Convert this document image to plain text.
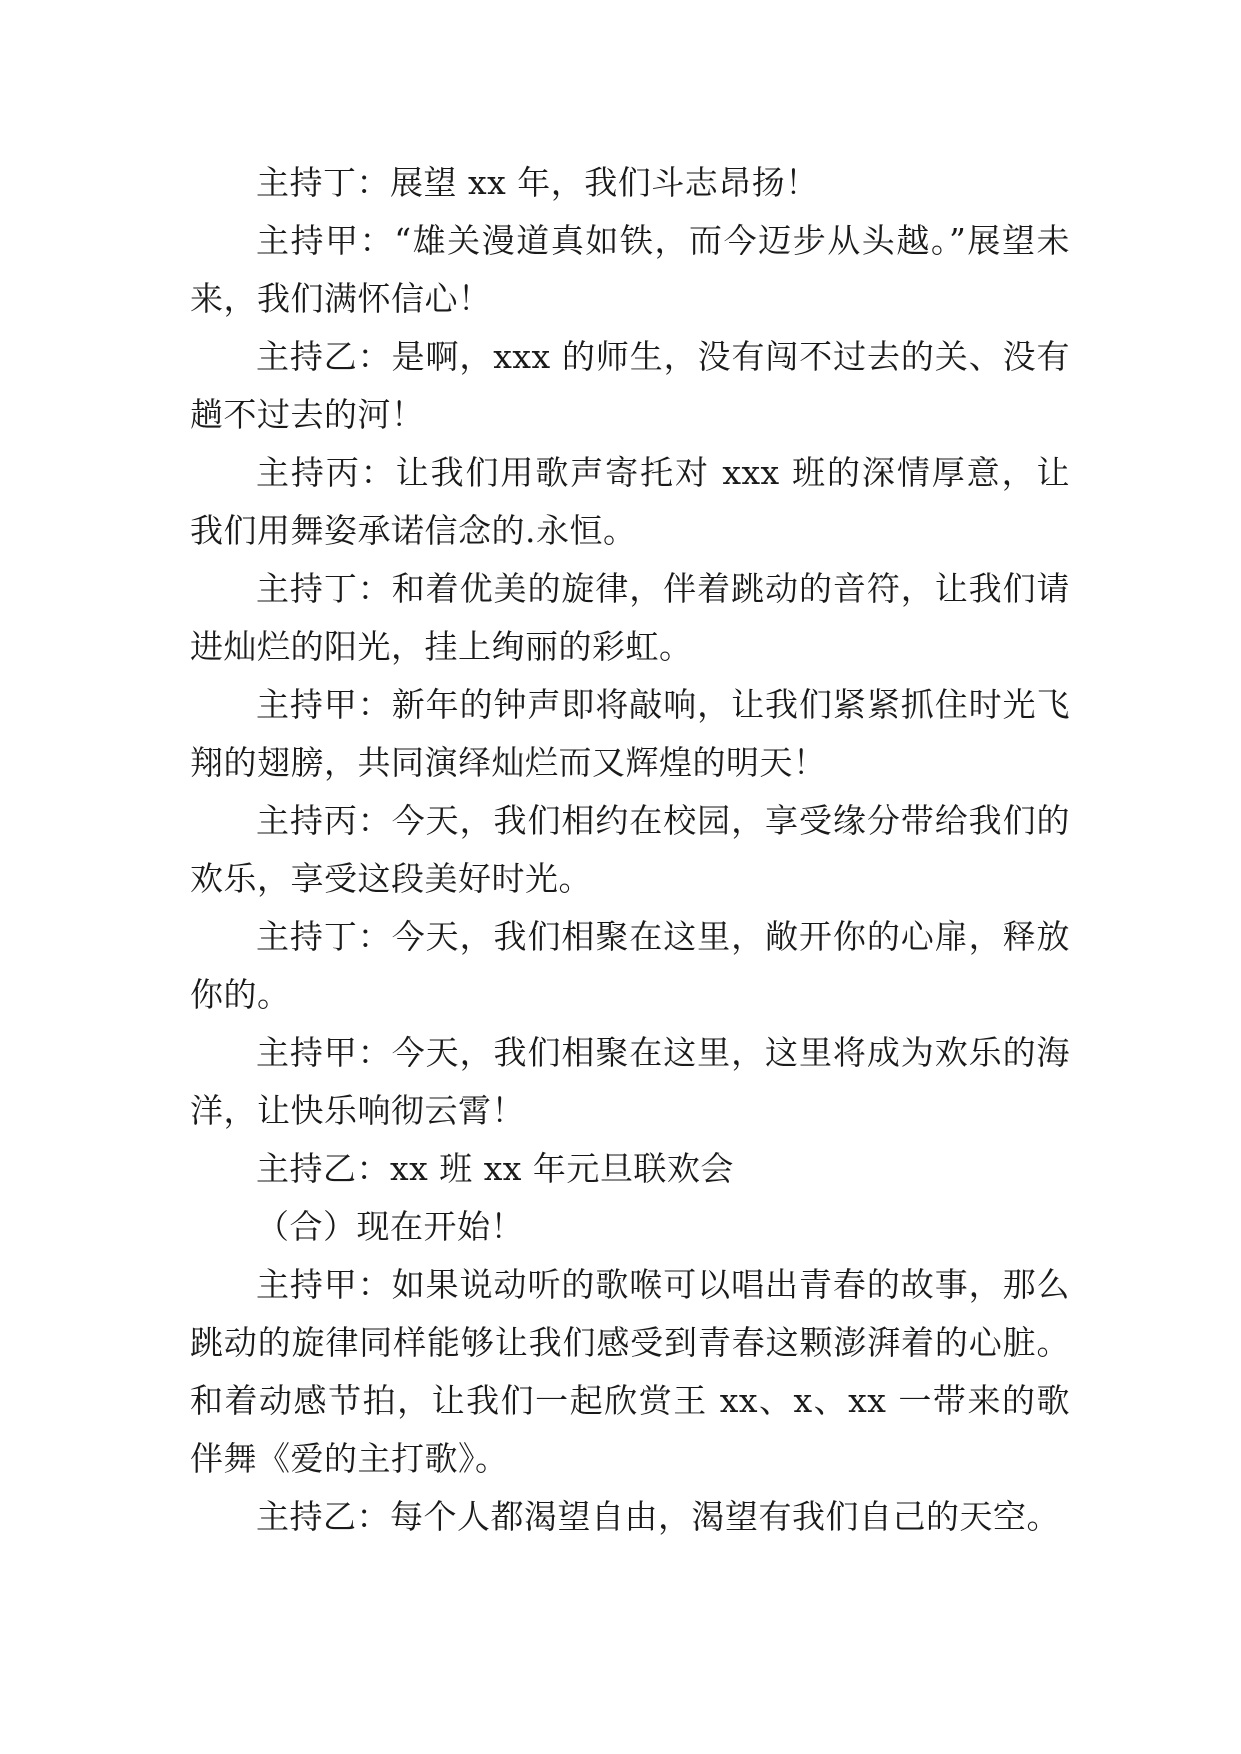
主持丁：展望 xx 年，我们斗志昂扬！

主持甲：“雄关漫道真如铁，而今迈步从头越。”展望未来，我们满怀信心！

主持乙：是啊，xxx 的师生，没有闯不过去的关、没有趟不过去的河！

主持丙：让我们用歌声寄托对 xxx 班的深情厚意，让我们用舞姿承诺信念的.永恒。

主持丁：和着优美的旋律，伴着跳动的音符，让我们请进灿烂的阳光，挂上绚丽的彩虹。

主持甲：新年的钟声即将敲响，让我们紧紧抓住时光飞翔的翅膀，共同演绎灿烂而又辉煌的明天！

主持丙：今天，我们相约在校园，享受缘分带给我们的欢乐，享受这段美好时光。

主持丁：今天，我们相聚在这里，敞开你的心扉，释放你的。

主持甲：今天，我们相聚在这里，这里将成为欢乐的海洋，让快乐响彻云霄！

主持乙：xx 班 xx 年元旦联欢会

（合）现在开始！

主持甲：如果说动听的歌喉可以唱出青春的故事，那么跳动的旋律同样能够让我们感受到青春这颗澎湃着的心脏。和着动感节拍，让我们一起欣赏王 xx、x、xx 一带来的歌伴舞《爱的主打歌》。

主持乙：每个人都渴望自由，渴望有我们自己的天空。
